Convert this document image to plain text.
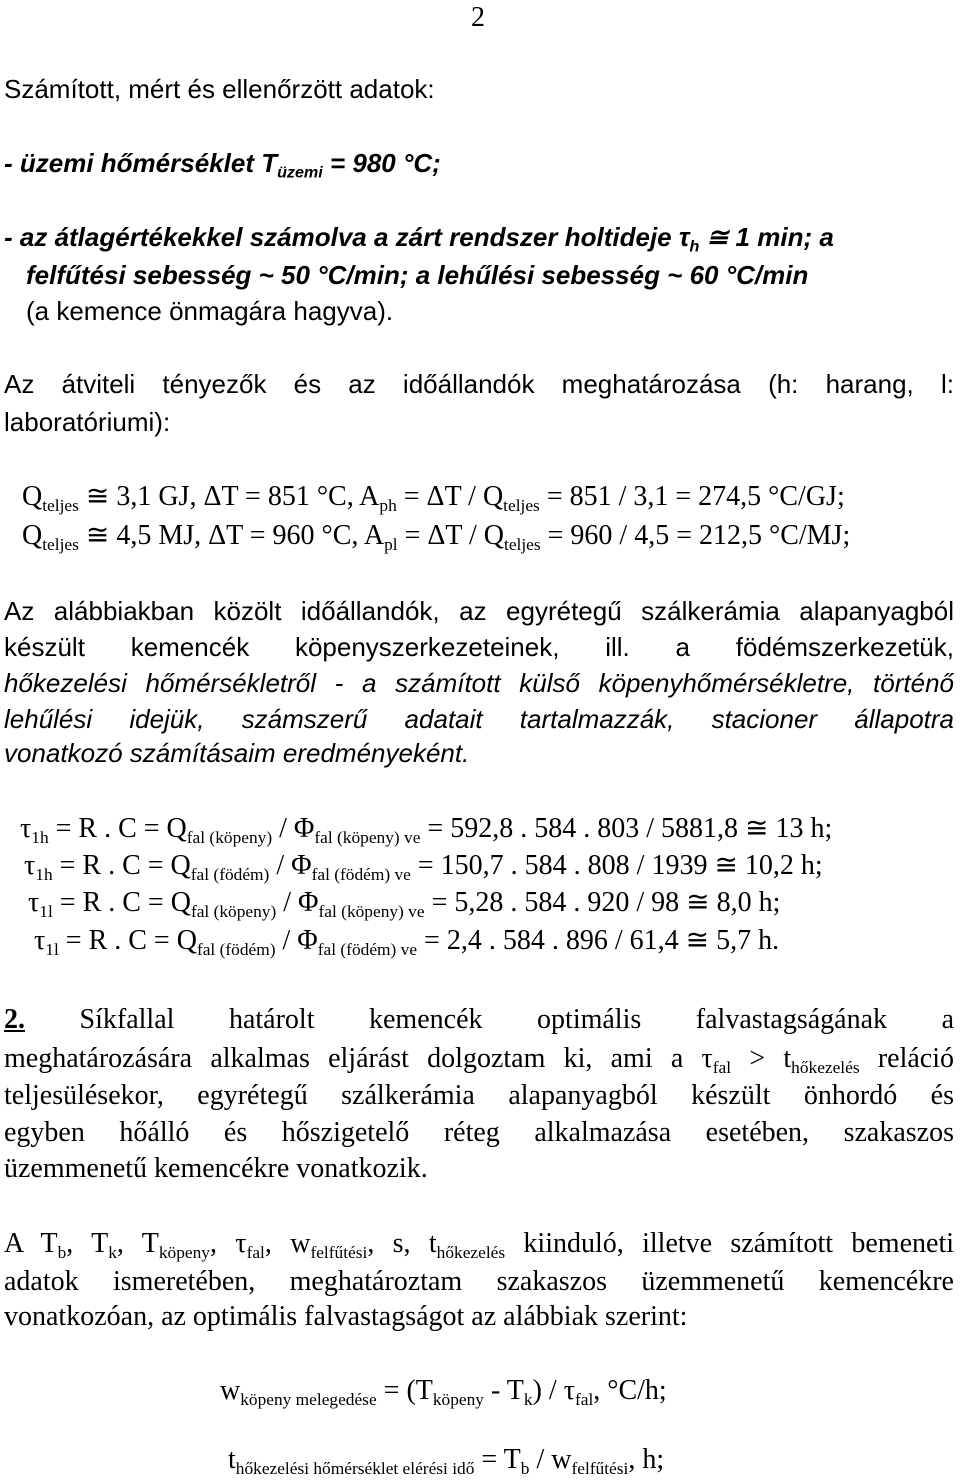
2
Számított, mért és ellenőrzött adatok:
- üzemi hőmérséklet $T_{üzemi} = 980$ °C;
- az átlagértékekkel számolva a zárt rendszer holtideje $\tau_h$ ≅ 1 min; a
felfűtési sebesség ~ 50 °C/min; a lehűlési sebesség ~ 60 °C/min
(a kemence önmagára hagyva).
Az átviteli tényezők és az időállandók meghatározása (h: harang, l:
laboratóriumi):
$Q_{teljes}$ ≅ 3,1 GJ, ΔT = 851 °C, $A_{ph} = \Delta T / Q_{teljes} = 851 / 3,1 = 274,5$ °C/GJ;
$Q_{teljes}$ ≅ 4,5 MJ, ΔT = 960 °C, $A_{pl} = \Delta T / Q_{teljes} = 960 / 4,5 = 212,5$ °C/MJ;
Az alábbiakban közölt időállandók, az egyrétegű szálkerámia alapanyagból
készült kemencék köpenyszerkezeteinek, ill. a födémszerkezetük,
hőkezelési hőmérsékletről - a számított külső köpenyhőmérsékletre, történő
lehűlési idejük, számszerű adatait tartalmazzák, stacioner állapotra
vonatkozó számításaim eredményeként.
$\tau_{1h} = R$ . $C = Q_{fal (köpeny)} / \Phi_{fal (köpeny) ve} = 592,8$ . 584 . 803 / 5881,8 ≅ 13 h;
$\tau_{1h} = R$ . $C = Q_{fal (födém)} / \Phi_{fal (födém) ve} = 150,7$ . 584 . 808 / 1939 ≅ 10,2 h;
$\tau_{1l} = R$ . $C = Q_{fal (köpeny)} / \Phi_{fal (köpeny) ve} = 5,28$ . 584 . 920 / 98 ≅ 8,0 h;
$\tau_{1l} = R$ . $C = Q_{fal (födém)} / \Phi_{fal (födém) ve} = 2,4$ . 584 . 896 / 61,4 ≅ 5,7 h.
2. Síkfallal határolt kemencék optimális falvastagságának a
meghatározására alkalmas eljárást dolgoztam ki, ami a $\tau_{fal} > t_{hőkezelés}$ reláció
teljesülésekor, egyrétegű szálkerámia alapanyagból készült önhordó és
egyben hőálló és hőszigetelő réteg alkalmazása esetében, szakaszos
üzemmenetű kemencékre vonatkozik.
A $T_b$, $T_k$, $T_{köpeny}$, $\tau_{fal}$, $w_{felfűtési}$, s, $t_{hőkezelés}$ kiinduló, illetve számított bemeneti
adatok ismeretében, meghatároztam szakaszos üzemmenetű kemencékre
vonatkozóan, az optimális falvastagságot az alábbiak szerint:
$w_{köpeny melegedése} = (T_{köpeny} - T_k) / \tau_{fal}$, °C/h;
$t_{hőkezelési hőmérséklet elérési idő} = T_b / w_{felfűtési}$, h;
